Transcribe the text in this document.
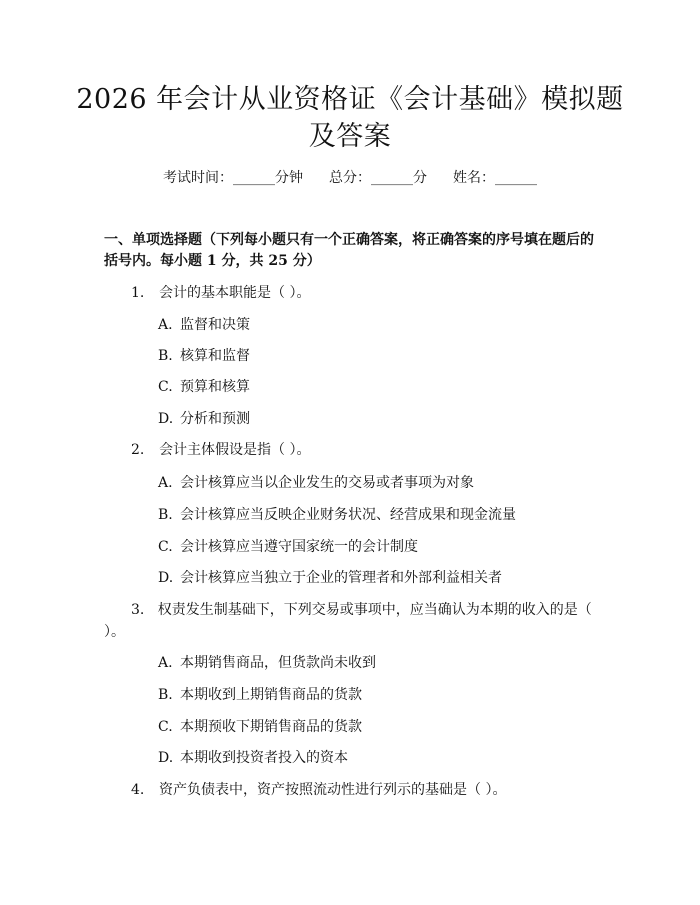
2026 年会计从业资格证《会计基础》模拟题
及答案
考试时间：______分钟 总分：______分 姓名：______
一、单项选择题（下列每小题只有一个正确答案，将正确答案的序号填在题后的括号内。每小题 1 分，共 25 分）
1. 会计的基本职能是（ ）。
A. 监督和决策
B. 核算和监督
C. 预算和核算
D. 分析和预测
2. 会计主体假设是指（ ）。
A. 会计核算应当以企业发生的交易或者事项为对象
B. 会计核算应当反映企业财务状况、经营成果和现金流量
C. 会计核算应当遵守国家统一的会计制度
D. 会计核算应当独立于企业的管理者和外部利益相关者
3. 权责发生制基础下，下列交易或事项中，应当确认为本期的收入的是（ ）。
A. 本期销售商品，但货款尚未收到
B. 本期收到上期销售商品的货款
C. 本期预收下期销售商品的货款
D. 本期收到投资者投入的资本
4. 资产负债表中，资产按照流动性进行列示的基础是（ ）。
